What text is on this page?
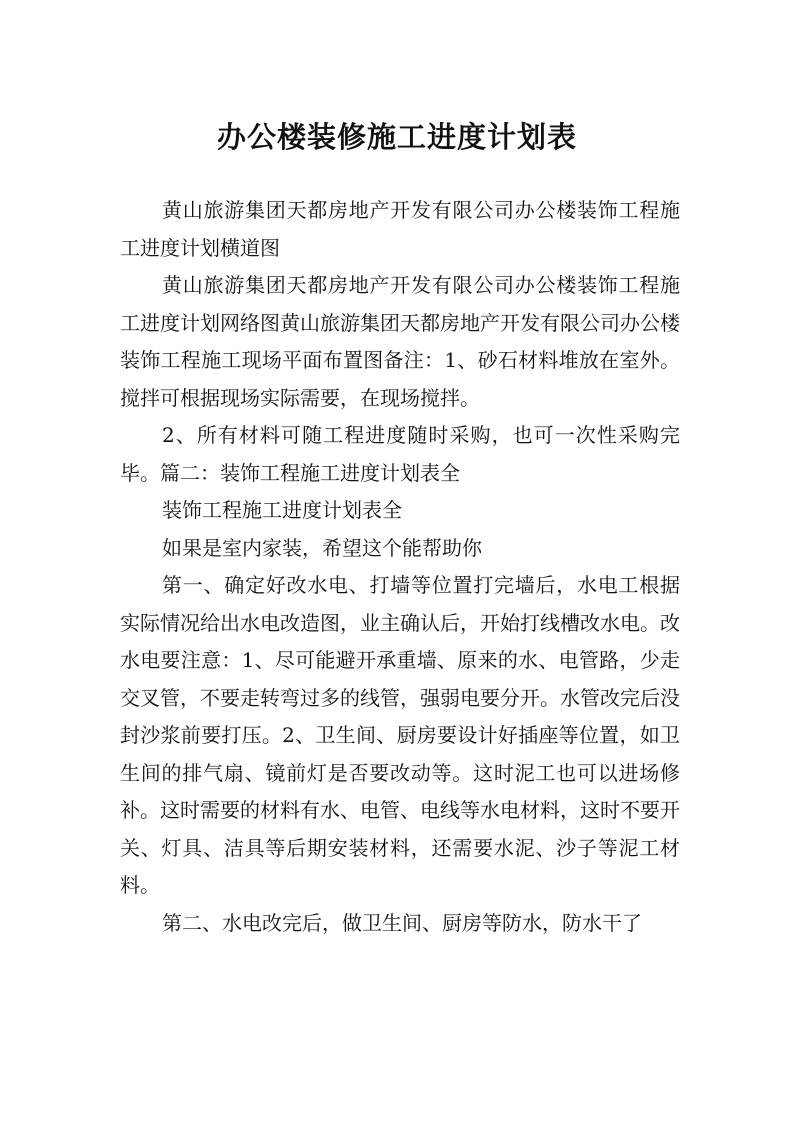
办公楼装修施工进度计划表

黄山旅游集团天都房地产开发有限公司办公楼装饰工程施工进度计划横道图

黄山旅游集团天都房地产开发有限公司办公楼装饰工程施工进度计划网络图黄山旅游集团天都房地产开发有限公司办公楼装饰工程施工现场平面布置图备注：1、砂石材料堆放在室外。搅拌可根据现场实际需要，在现场搅拌。

2、所有材料可随工程进度随时采购，也可一次性采购完毕。篇二：装饰工程施工进度计划表全

装饰工程施工进度计划表全

如果是室内家装，希望这个能帮助你

第一、确定好改水电、打墙等位置打完墙后，水电工根据实际情况给出水电改造图，业主确认后，开始打线槽改水电。改水电要注意：1、尽可能避开承重墙、原来的水、电管路，少走交叉管，不要走转弯过多的线管，强弱电要分开。水管改完后没封沙浆前要打压。2、卫生间、厨房要设计好插座等位置，如卫生间的排气扇、镜前灯是否要改动等。这时泥工也可以进场修补。这时需要的材料有水、电管、电线等水电材料，这时不要开关、灯具、洁具等后期安装材料，还需要水泥、沙子等泥工材料。

第二、水电改完后，做卫生间、厨房等防水，防水干了
